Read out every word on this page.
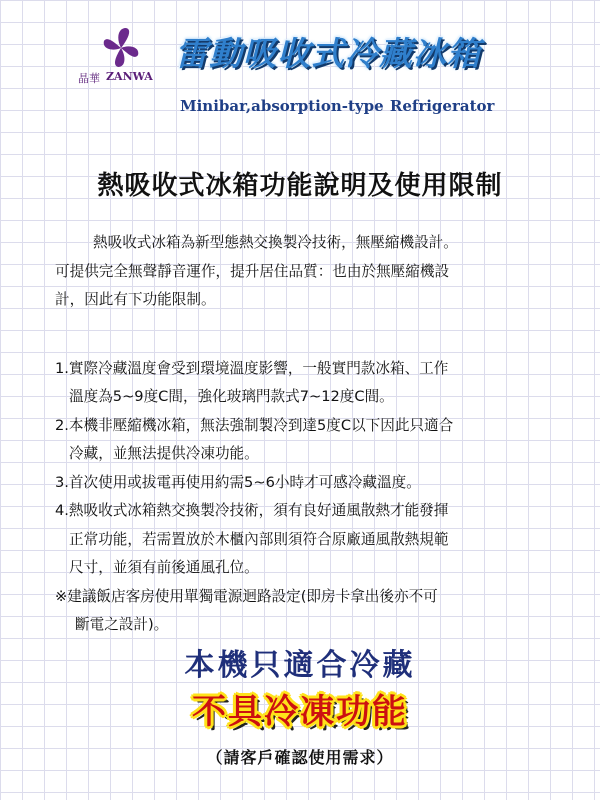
晶華 ZANWA
雷動吸收式冷藏冰箱
Minibar,absorption-type Refrigerator
熱吸收式冰箱功能說明及使用限制

熱吸收式冰箱為新型態熱交換製冷技術，無壓縮機設計。

可提供完全無聲靜音運作，提升居住品質：也由於無壓縮機設

計，因此有下功能限制。

1.實際冷藏溫度會受到環境溫度影響，一般實門款冰箱、工作
溫度為5~9度C間，強化玻璃門款式7~12度C間。
2.本機非壓縮機冰箱，無法強制製冷到達5度C以下因此只適合
冷藏，並無法提供冷凍功能。
3.首次使用或拔電再使用約需5~6小時才可感冷藏溫度。
4.熱吸收式冰箱熱交換製冷技術，須有良好通風散熱才能發揮
正常功能，若需置放於木櫃內部則須符合原廠通風散熱規範
尺寸，並須有前後通風孔位。
※建議飯店客房使用單獨電源迴路設定(即房卡拿出後亦不可
斷電之設計)。
本機只適合冷藏
不具冷凍功能
（請客戶確認使用需求）
